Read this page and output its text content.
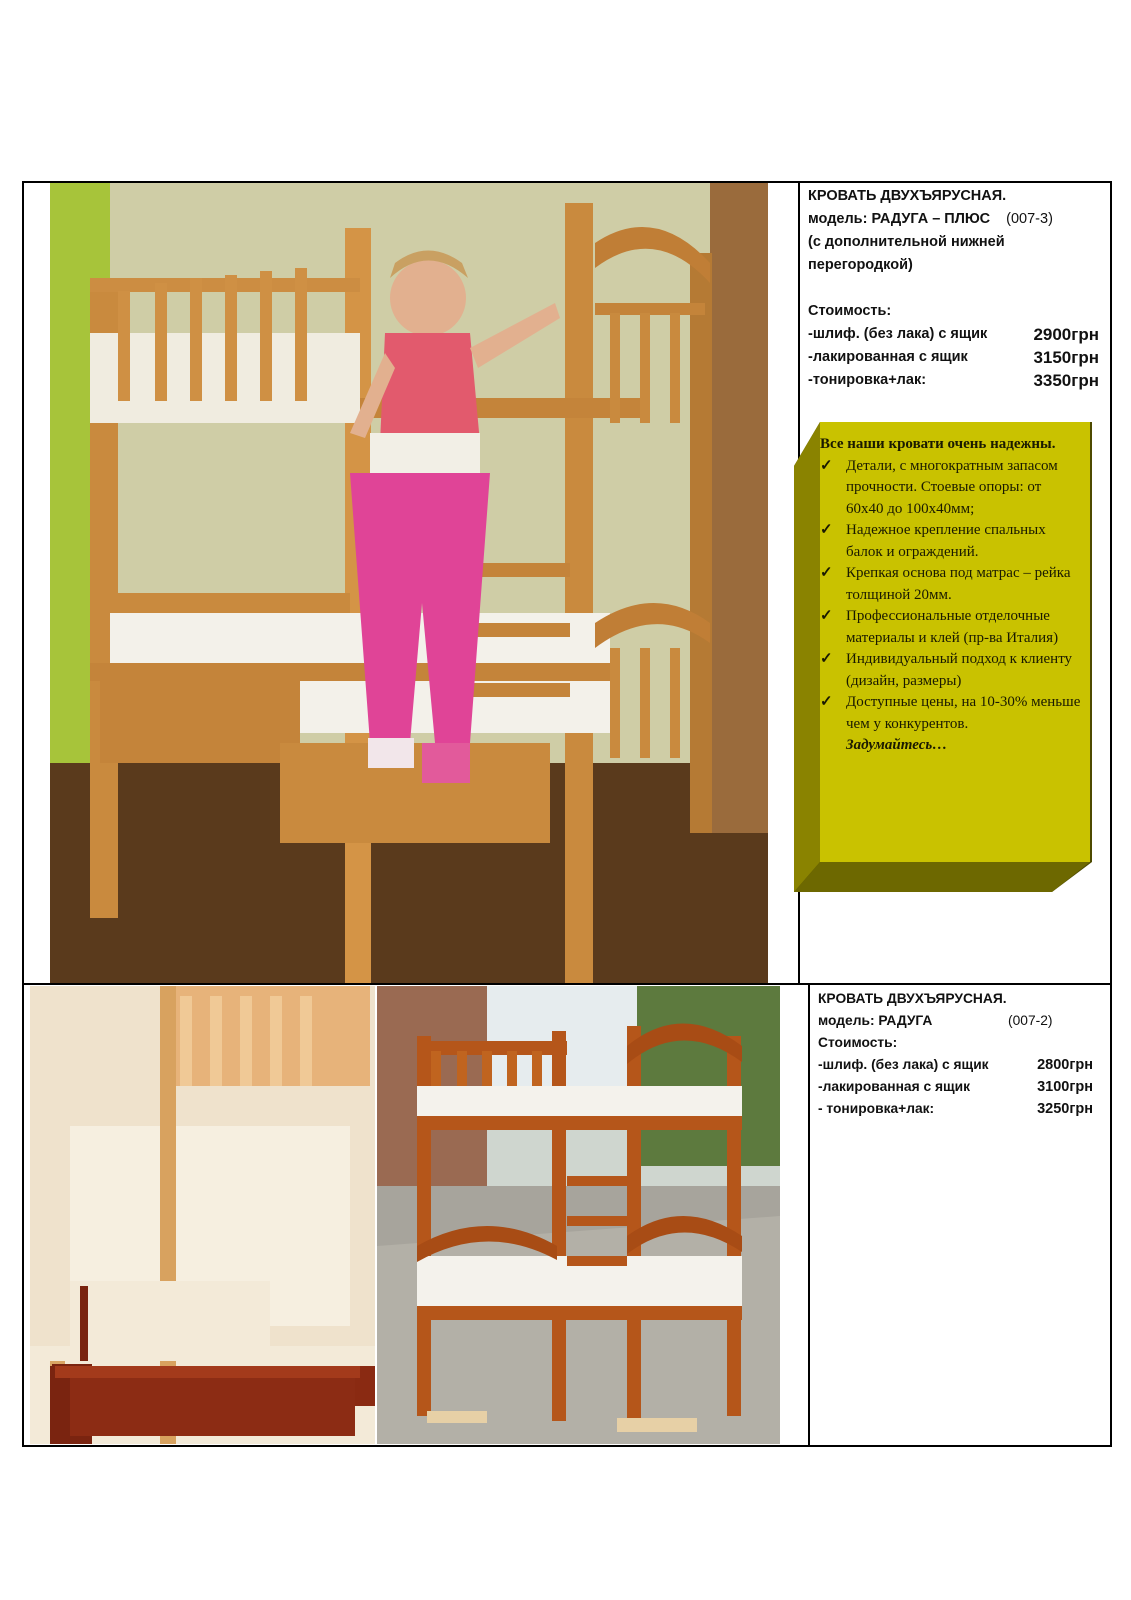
КРОВАТЬ ДВУХЪЯРУСНАЯ.
модель: РАДУГА – ПЛЮС (007-3)
(с дополнительной нижней
перегородкой)
Стоимость:
-шлиф. (без лака) с ящик	2900грн
-лакированная с ящик	3150грн
-тонировка+лак:	3350грн
Все наши кровати очень надежны.
✓ Детали, с многократным запасом прочности. Стоевые опоры: от 60х40 до 100х40мм;
✓ Надежное крепление спальных балок и ограждений.
✓ Крепкая основа под матрас – рейка толщиной 20мм.
✓ Профессиональные отделочные материалы и клей (пр-ва Италия)
✓ Индивидуальный подход к клиенту (дизайн, размеры)
✓ Доступные цены, на 10-30% меньше чем у конкурентов.
Задумайтесь…
КРОВАТЬ ДВУХЪЯРУСНАЯ.
модель: РАДУГА	(007-2)
Стоимость:
-шлиф. (без лака) с ящик	2800грн
-лакированная с ящик	3100грн
- тонировка+лак:	3250грн
